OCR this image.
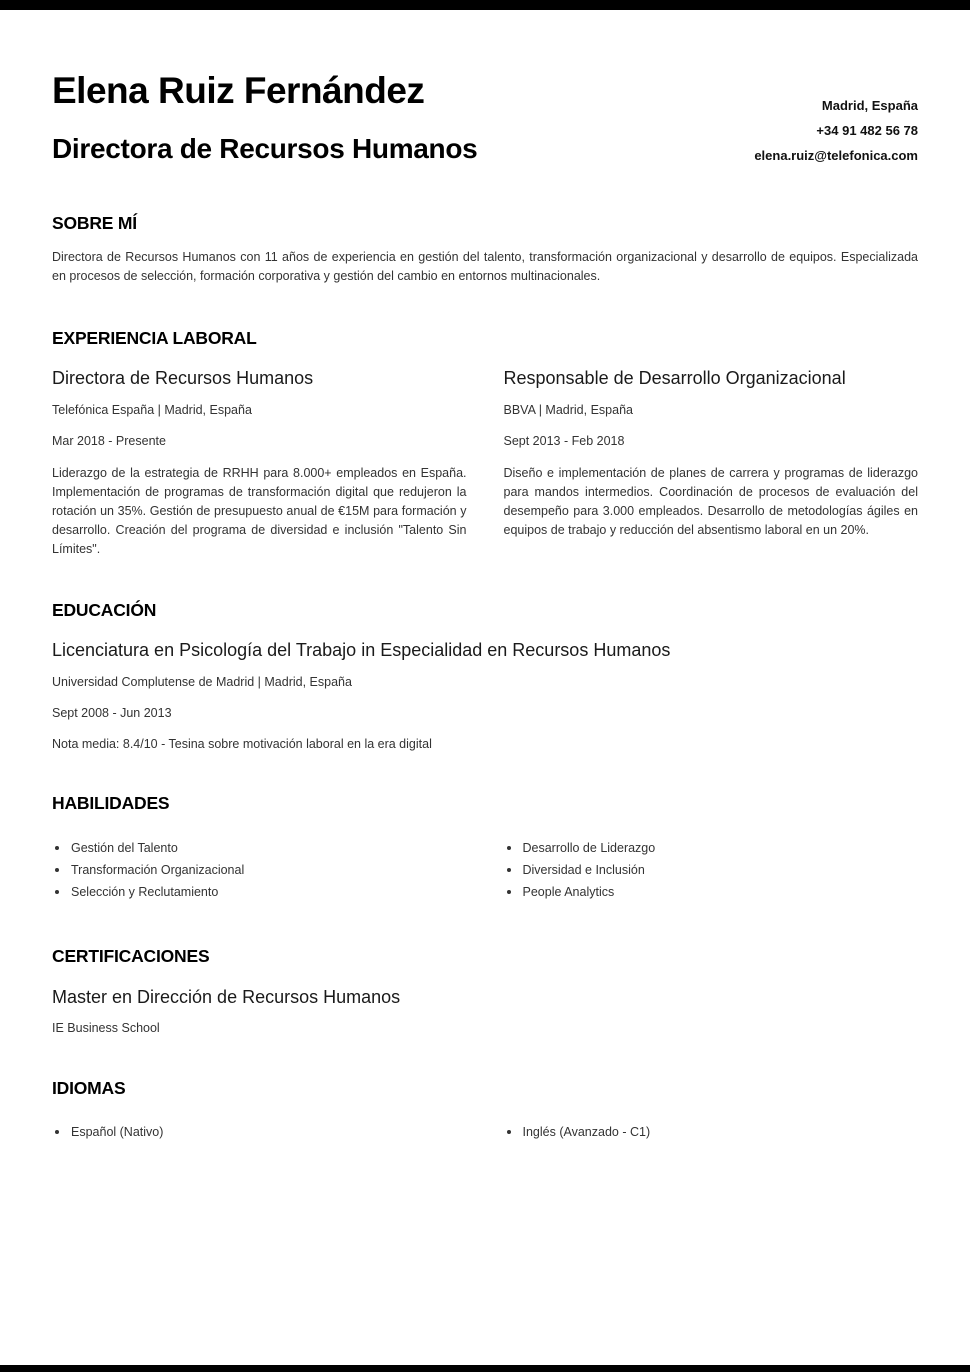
Elena Ruiz Fernández
Directora de Recursos Humanos
Madrid, España
+34 91 482 56 78
elena.ruiz@telefonica.com
SOBRE MÍ

Directora de Recursos Humanos con 11 años de experiencia en gestión del talento, transformación organizacional y desarrollo de equipos. Especializada en procesos de selección, formación corporativa y gestión del cambio en entornos multinacionales.

EXPERIENCIA LABORAL
Directora de Recursos Humanos
Telefónica España | Madrid, España
Mar 2018 - Presente

Liderazgo de la estrategia de RRHH para 8.000+ empleados en España. Implementación de programas de transformación digital que redujeron la rotación un 35%. Gestión de presupuesto anual de €15M para formación y desarrollo. Creación del programa de diversidad e inclusión "Talento Sin Límites".

Responsable de Desarrollo Organizacional
BBVA | Madrid, España
Sept 2013 - Feb 2018

Diseño e implementación de planes de carrera y programas de liderazgo para mandos intermedios. Coordinación de procesos de evaluación del desempeño para 3.000 empleados. Desarrollo de metodologías ágiles en equipos de trabajo y reducción del absentismo laboral en un 20%.

EDUCACIÓN
Licenciatura en Psicología del Trabajo in Especialidad en Recursos Humanos
Universidad Complutense de Madrid | Madrid, España
Sept 2008 - Jun 2013
Nota media: 8.4/10 - Tesina sobre motivación laboral en la era digital
HABILIDADES
Gestión del Talento
Transformación Organizacional
Selección y Reclutamiento
Desarrollo de Liderazgo
Diversidad e Inclusión
People Analytics
CERTIFICACIONES
Master en Dirección de Recursos Humanos
IE Business School
IDIOMAS
Español (Nativo)	Inglés (Avanzado - C1)
